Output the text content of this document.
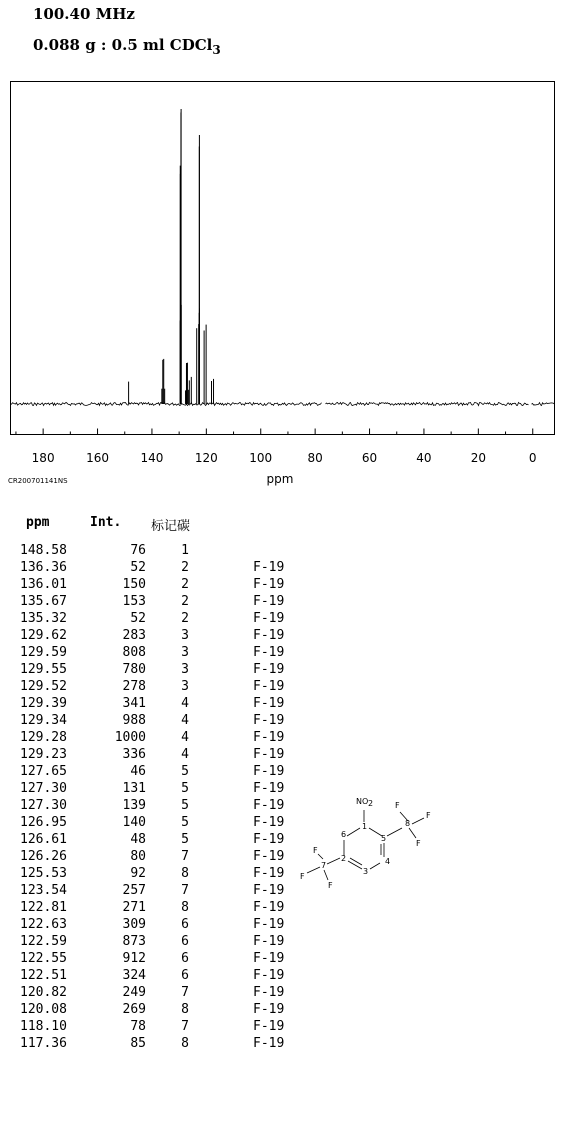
100.40 MHz
0.088 g : 0.5 ml CDCl$_3$
180	160	140	120	100	80	60	40	20	0
CR200701141NS	ppm
ppm	Int. 标记碳
148.58	76	1
136.36	52	2	F-19
136.01	150	2	F-19
135.67	153	2	F-19
135.32	52	2	F-19
129.62	283	3	F-19
129.59	808	3	F-19
129.55	780	3	F-19
129.52	278	3	F-19
129.39	341	4	F-19
129.34	988	4	F-19
129.28	1000	4	F-19
129.23	336	4	F-19
127.65	46	5	F-19
127.30	131	5	F-19
127.30	139	5	F-19
126.95	140	5	F-19
126.61	48	5	F-19
126.26	80	7	F-19
125.53	92	8	F-19
123.54	257	7	F-19
122.81	271	8	F-19
122.63	309	6	F-19
122.59	873	6	F-19
122.55	912	6	F-19
122.51	324	6	F-19
120.82	249	7	F-19
120.08	269	8	F-19
118.10	78	7	F-19
117.36	85	8	F-19
NO 2	F
F
F
F
F
F
1
2
3
4
5
6
7
8
